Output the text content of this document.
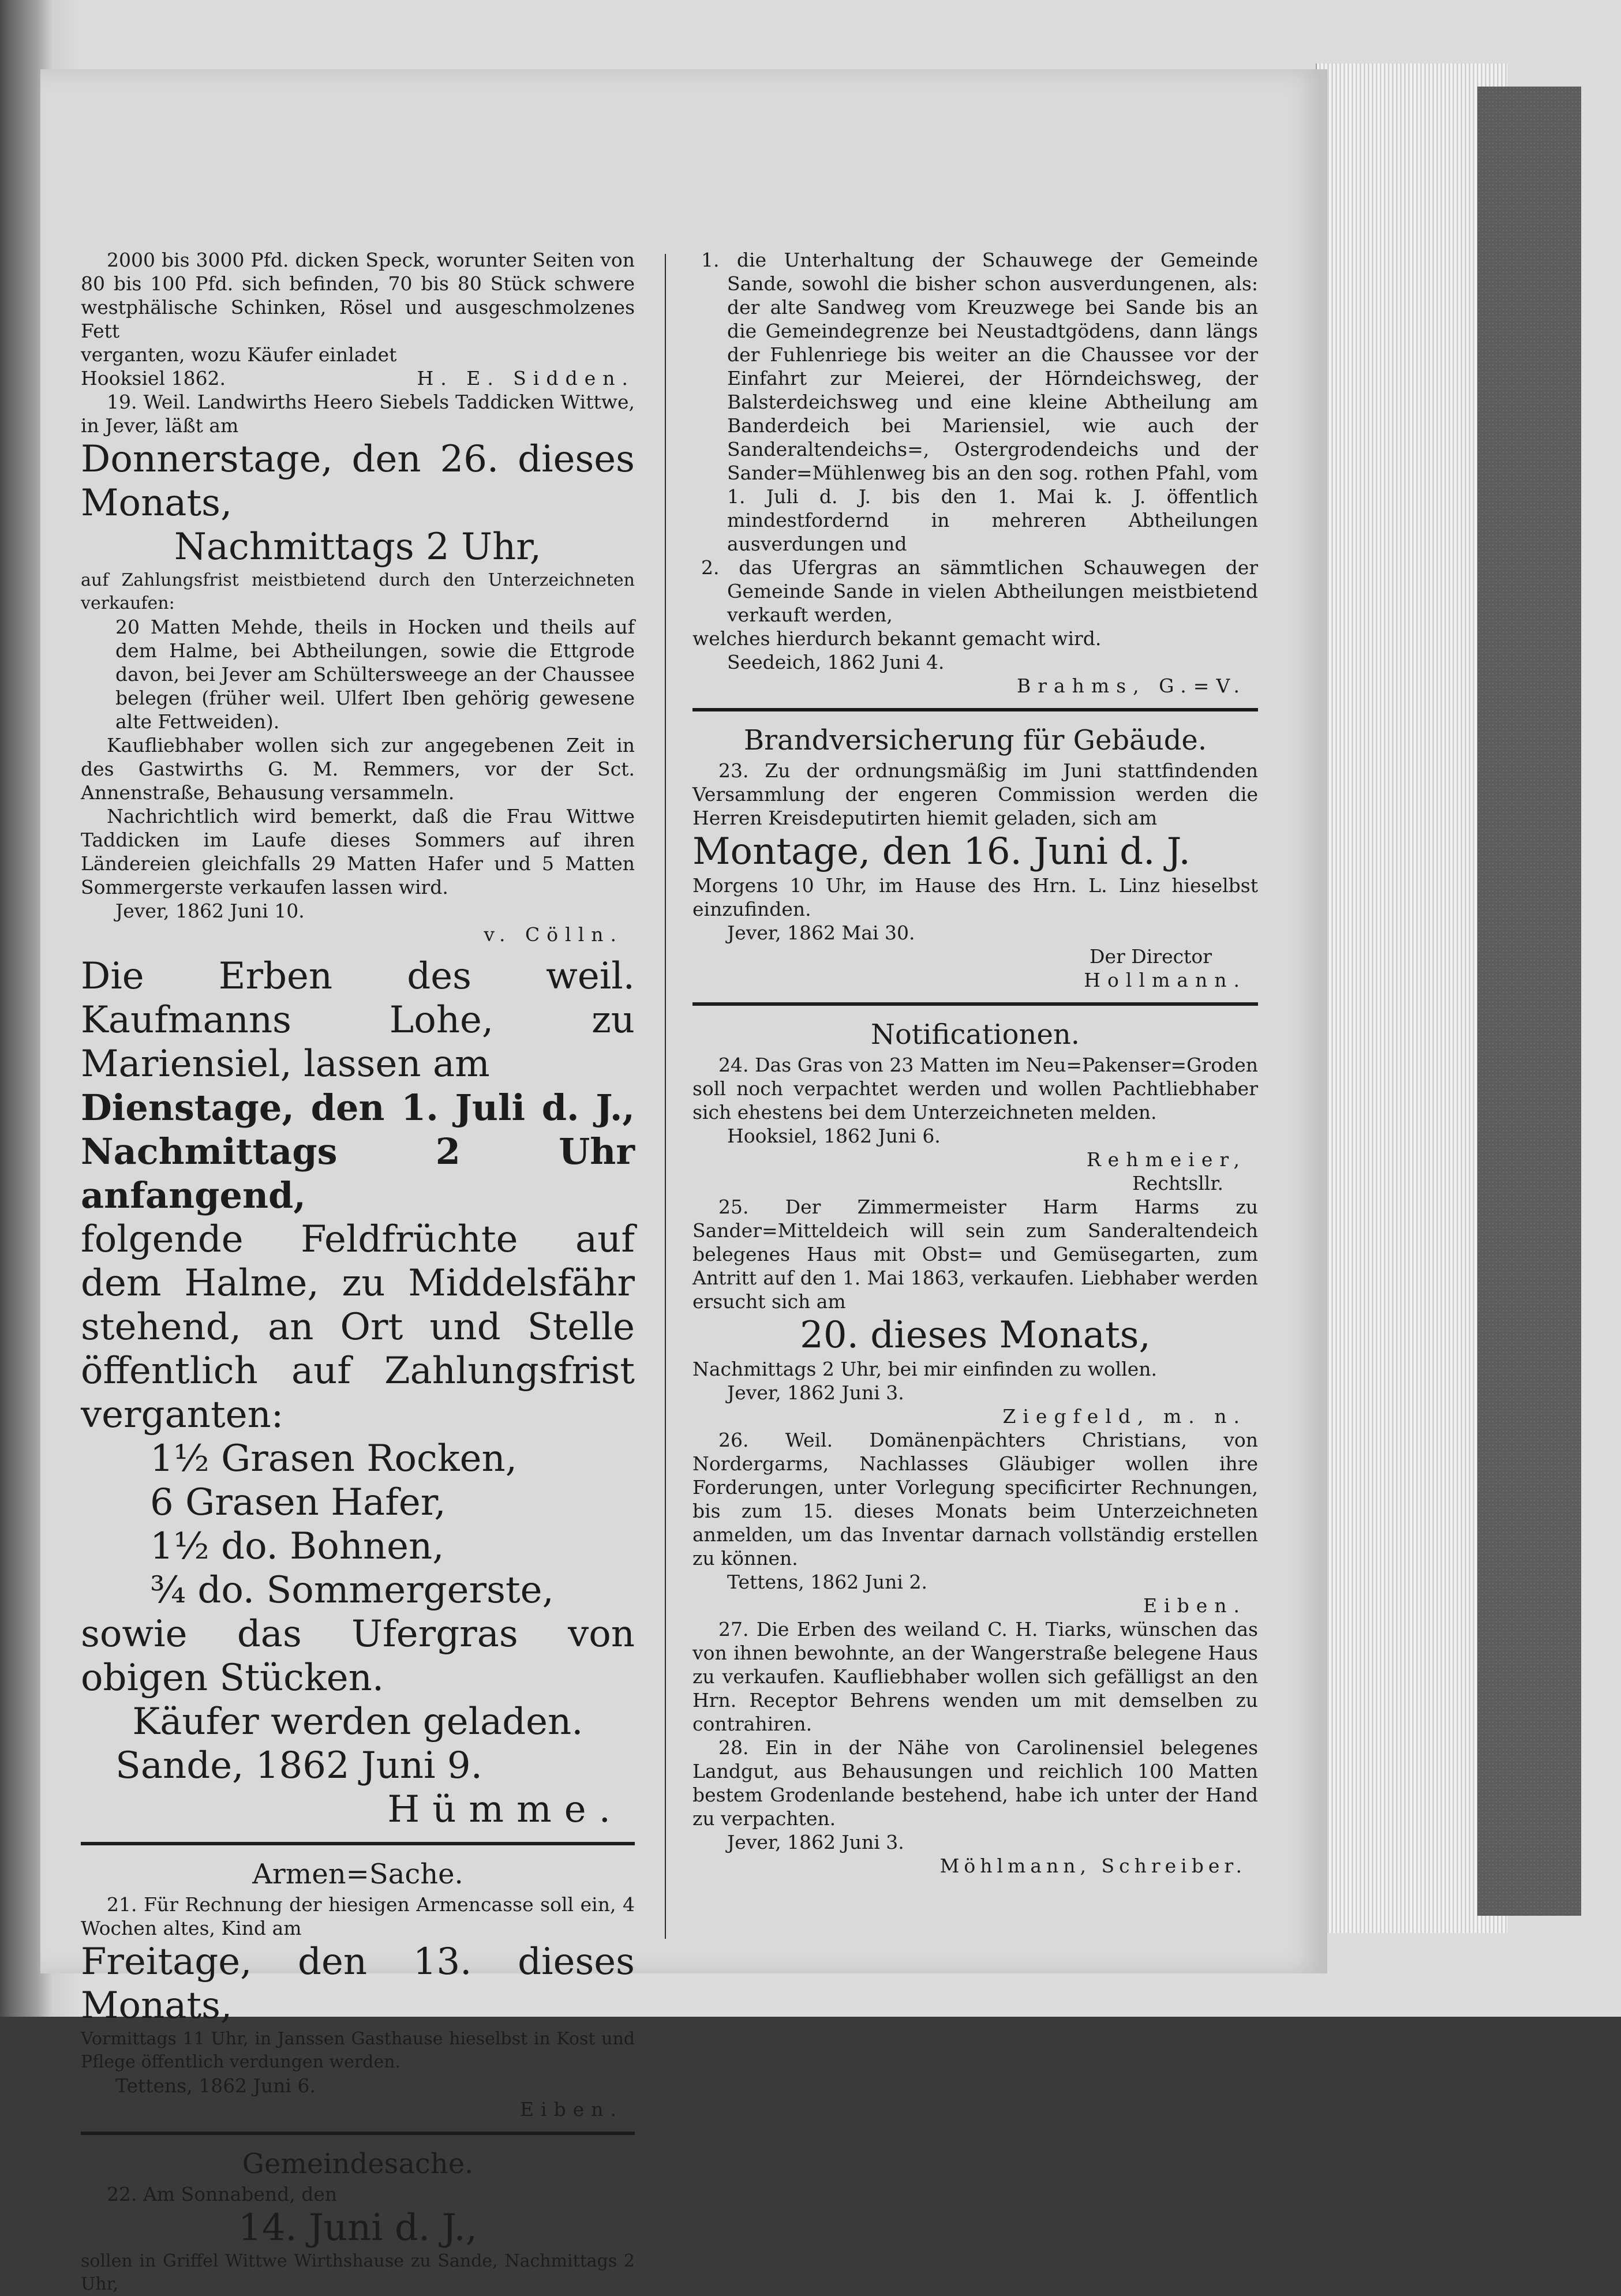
2000 bis 3000 Pfd. dicken Speck, worunter Seiten von 80 bis 100 Pfd. sich befinden, 70 bis 80 Stück schwere westphälische Schinken, Rösel und ausgeschmolzenes Fett

verganten, wozu Käufer einladet

Hooksiel 1862.	H. E. Sidden.

19. Weil. Landwirths Heero Siebels Taddicken Wittwe, in Jever, läßt am

Donnerstage, den 26. dieses Monats,

Nachmittags 2 Uhr,

auf Zahlungsfrist meistbietend durch den Unterzeichneten verkaufen:

20 Matten Mehde, theils in Hocken und theils auf dem Halme, bei Abtheilungen, sowie die Ettgrode davon, bei Jever am Schültersweege an der Chaussee belegen (früher weil. Ulfert Iben gehörig gewesene alte Fettweiden).

Kaufliebhaber wollen sich zur angegebenen Zeit in des Gastwirths G. M. Remmers, vor der Sct. Annenstraße, Behausung versammeln.

Nachrichtlich wird bemerkt, daß die Frau Wittwe Taddicken im Laufe dieses Sommers auf ihren Ländereien gleichfalls 29 Matten Hafer und 5 Matten Sommergerste verkaufen lassen wird.

Jever, 1862 Juni 10.

v. Cölln.

Die Erben des weil. Kaufmanns Lohe, zu Mariensiel, lassen am

Dienstage, den 1. Juli d. J., Nachmittags 2 Uhr anfangend,

folgende Feldfrüchte auf dem Halme, zu Middelsfähr stehend, an Ort und Stelle öffentlich auf Zahlungsfrist verganten:

1½ Grasen Rocken,

6 Grasen Hafer,

1½ do. Bohnen,

¾ do. Sommergerste,

sowie das Ufergras von obigen Stücken.

Käufer werden geladen.

Sande, 1862 Juni 9.

Hümme.

Armen=Sache.

21. Für Rechnung der hiesigen Armencasse soll ein, 4 Wochen altes, Kind am

Freitage, den 13. dieses Monats,

Vormittags 11 Uhr, in Janssen Gasthause hieselbst in Kost und Pflege öffentlich verdungen werden.

Tettens, 1862 Juni 6.

Eiben.

Gemeindesache.

22. Am Sonnabend, den

14. Juni d. J.,

sollen in Griffel Wittwe Wirthshause zu Sande, Nachmittags 2 Uhr,

1. die Unterhaltung der Schauwege der Gemeinde Sande, sowohl die bisher schon ausverdungenen, als: der alte Sandweg vom Kreuzwege bei Sande bis an die Gemeindegrenze bei Neustadtgödens, dann längs der Fuhlenriege bis weiter an die Chaussee vor der Einfahrt zur Meierei, der Hörndeichsweg, der Balsterdeichsweg und eine kleine Abtheilung am Banderdeich bei Mariensiel, wie auch der Sanderaltendeichs=, Ostergrodendeichs und der Sander=Mühlenweg bis an den sog. rothen Pfahl, vom 1. Juli d. J. bis den 1. Mai k. J. öffentlich mindestfordernd in mehreren Abtheilungen ausverdungen und

2. das Ufergras an sämmtlichen Schauwegen der Gemeinde Sande in vielen Abtheilungen meistbietend verkauft werden,

welches hierdurch bekannt gemacht wird.

Seedeich, 1862 Juni 4.

Brahms, G.=V.

Brandversicherung für Gebäude.

23. Zu der ordnungsmäßig im Juni stattfindenden Versammlung der engeren Commission werden die Herren Kreisdeputirten hiemit geladen, sich am

Montage, den 16. Juni d. J.

Morgens 10 Uhr, im Hause des Hrn. L. Linz hieselbst einzufinden.

Jever, 1862 Mai 30.

Der Director

Hollmann.

Notificationen.

24. Das Gras von 23 Matten im Neu=Pakenser=Groden soll noch verpachtet werden und wollen Pachtliebhaber sich ehestens bei dem Unterzeichneten melden.

Hooksiel, 1862 Juni 6.

Rehmeier,

Rechtsllr.

25. Der Zimmermeister Harm Harms zu Sander=Mitteldeich will sein zum Sanderaltendeich belegenes Haus mit Obst= und Gemüsegarten, zum Antritt auf den 1. Mai 1863, verkaufen. Liebhaber werden ersucht sich am

20. dieses Monats,

Nachmittags 2 Uhr, bei mir einfinden zu wollen.

Jever, 1862 Juni 3.

Ziegfeld, m. n.

26. Weil. Domänenpächters Christians, von Nordergarms, Nachlasses Gläubiger wollen ihre Forderungen, unter Vorlegung specificirter Rechnungen, bis zum 15. dieses Monats beim Unterzeichneten anmelden, um das Inventar darnach vollständig erstellen zu können.

Tettens, 1862 Juni 2.

Eiben.

27. Die Erben des weiland C. H. Tiarks, wünschen das von ihnen bewohnte, an der Wangerstraße belegene Haus zu verkaufen. Kaufliebhaber wollen sich gefälligst an den Hrn. Receptor Behrens wenden um mit demselben zu contrahiren.

28. Ein in der Nähe von Carolinensiel belegenes Landgut, aus Behausungen und reichlich 100 Matten bestem Grodenlande bestehend, habe ich unter der Hand zu verpachten.

Jever, 1862 Juni 3.

Möhlmann, Schreiber.
